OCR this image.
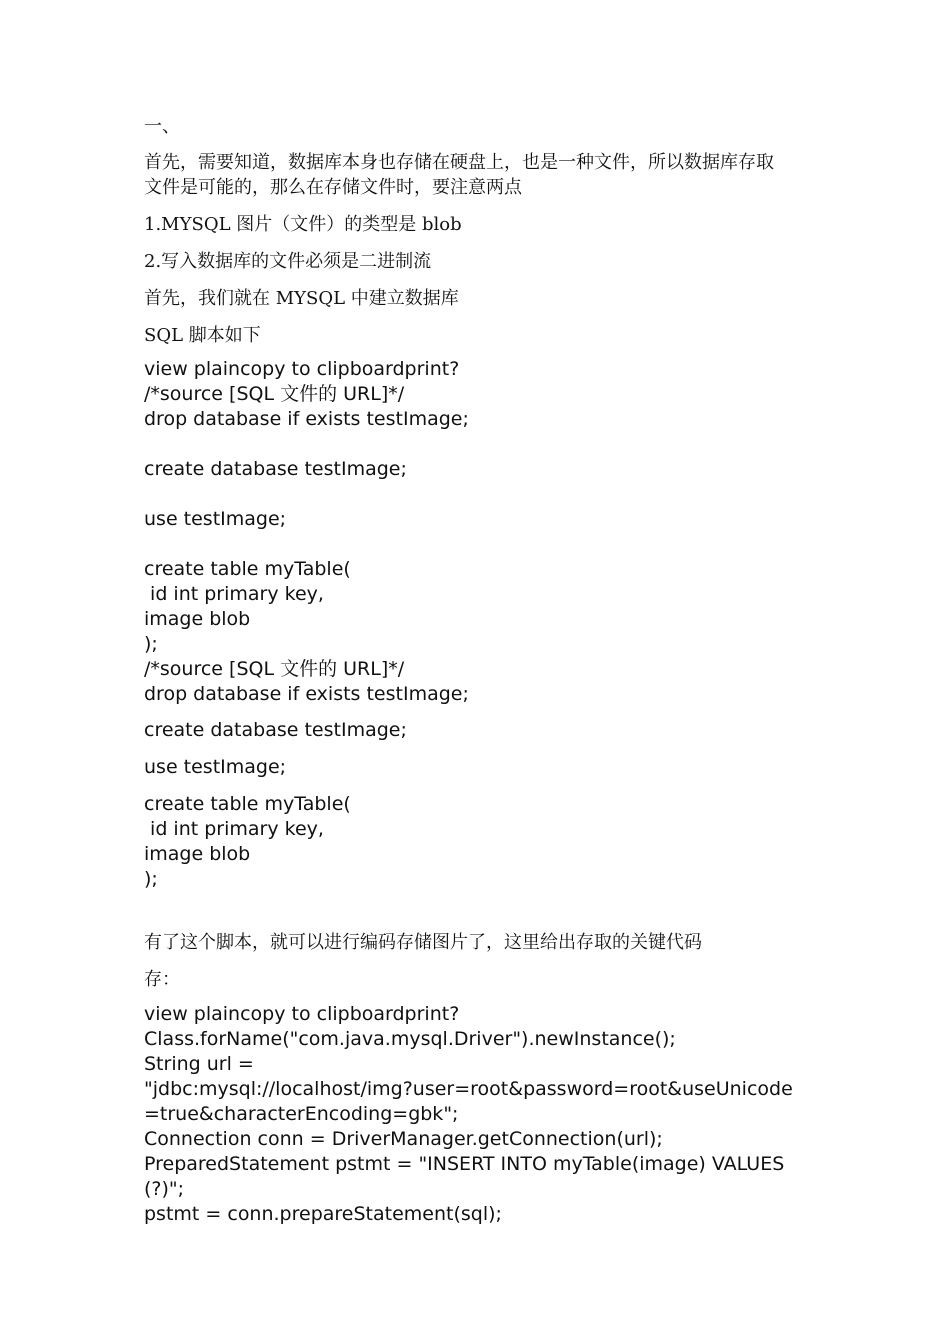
一、

首先，需要知道，数据库本身也存储在硬盘上，也是一种文件，所以数据库存取

文件是可能的，那么在存储文件时，要注意两点

1.MYSQL 图片（文件）的类型是 blob

2.写入数据库的文件必须是二进制流

首先，我们就在 MYSQL 中建立数据库

SQL 脚本如下

view plaincopy to clipboardprint?

/*source [SQL 文件的 URL]*/

drop database if exists testImage;

create database testImage;

use testImage;

create table myTable(

id int primary key,

image blob

);

/*source [SQL 文件的 URL]*/

drop database if exists testImage;

create database testImage;

use testImage;

create table myTable(

id int primary key,

image blob

);

有了这个脚本，就可以进行编码存储图片了，这里给出存取的关键代码

存：

view plaincopy to clipboardprint?

Class.forName("com.java.mysql.Driver").newInstance();

String url =

"jdbc:mysql://localhost/img?user=root&password=root&useUnicode

=true&characterEncoding=gbk";

Connection conn = DriverManager.getConnection(url);

PreparedStatement pstmt = "INSERT INTO myTable(image) VALUES

(?)";

pstmt = conn.prepareStatement(sql);
